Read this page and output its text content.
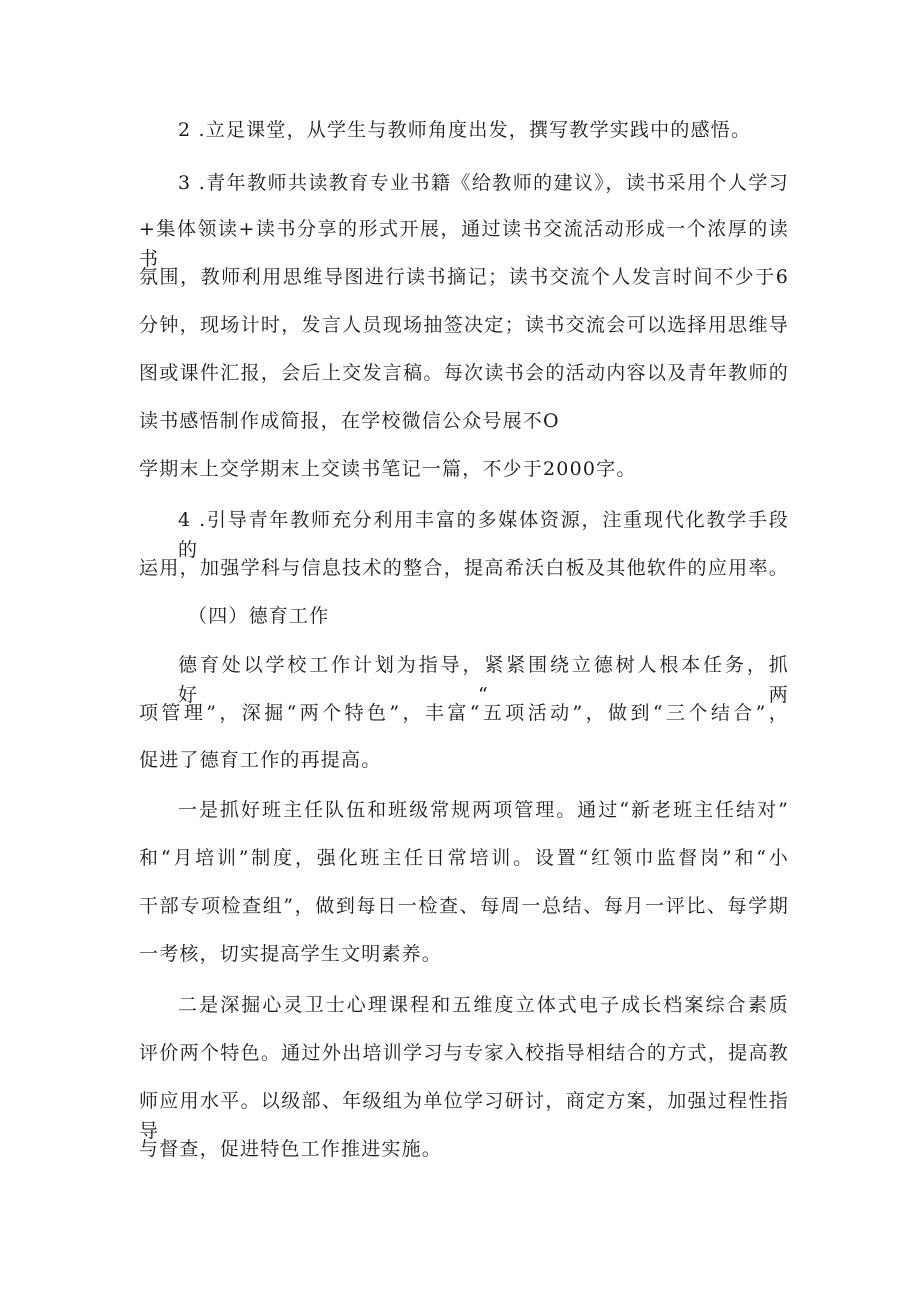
2 .立足课堂，从学生与教师角度出发，撰写教学实践中的感悟。
3 .青年教师共读教育专业书籍《给教师的建议》，读书采用个人学习
+集体领读+读书分享的形式开展，通过读书交流活动形成一个浓厚的读书
氛围，教师利用思维导图进行读书摘记；读书交流个人发言时间不少于6
分钟，现场计时，发言人员现场抽签决定；读书交流会可以选择用思维导
图或课件汇报，会后上交发言稿。每次读书会的活动内容以及青年教师的
读书感悟制作成简报，在学校微信公众号展不O
学期末上交学期末上交读书笔记一篇，不少于2000字。
4 .引导青年教师充分利用丰富的多媒体资源，注重现代化教学手段的
运用，加强学科与信息技术的整合，提高希沃白板及其他软件的应用率。
（四）德育工作
德育处以学校工作计划为指导，紧紧围绕立德树人根本任务，抓好“两
项管理”，深掘“两个特色”，丰富“五项活动”，做到“三个结合”，
促进了德育工作的再提高。
一是抓好班主任队伍和班级常规两项管理。通过“新老班主任结对”
和“月培训”制度，强化班主任日常培训。设置“红领巾监督岗”和“小
干部专项检查组”，做到每日一检查、每周一总结、每月一评比、每学期
一考核，切实提高学生文明素养。
二是深掘心灵卫士心理课程和五维度立体式电子成长档案综合素质
评价两个特色。通过外出培训学习与专家入校指导相结合的方式，提高教
师应用水平。以级部、年级组为单位学习研讨，商定方案，加强过程性指导
与督查，促进特色工作推进实施。
